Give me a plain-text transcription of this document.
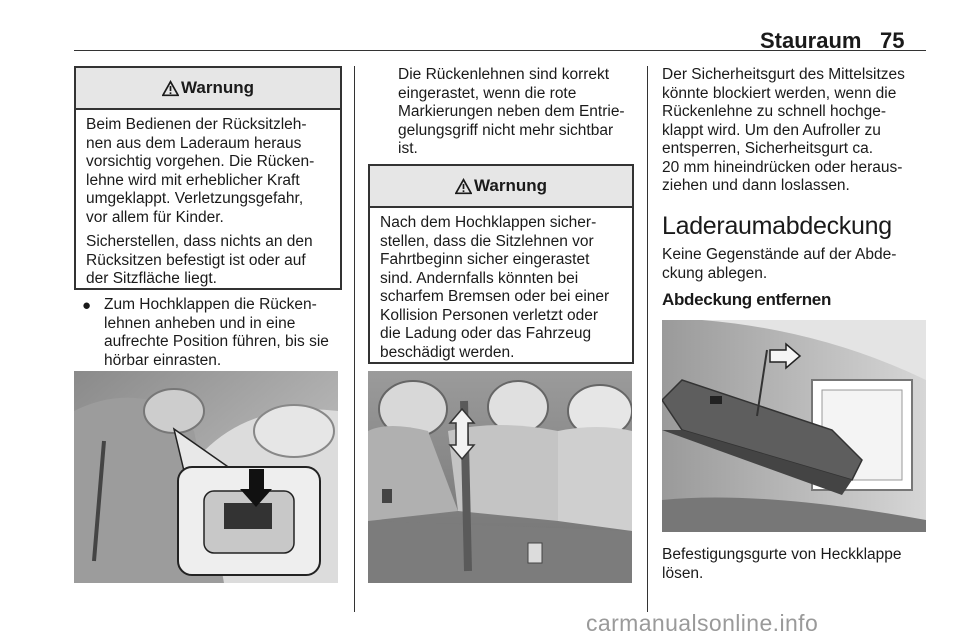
Stauraum 75
Warnung

Beim Bedienen der Rücksitzleh-
nen aus dem Laderaum heraus
vorsichtig vorgehen. Die Rücken-
lehne wird mit erheblicher Kraft
umgeklappt. Verletzungsgefahr,
vor allem für Kinder.

Sicherstellen, dass nichts an den
Rücksitzen befestigt ist oder auf
der Sitzfläche liegt.

● Zum Hochklappen die Rücken-
lehnen anheben und in eine
aufrechte Position führen, bis sie
hörbar einrasten.

Die Rückenlehnen sind korrekt
eingerastet, wenn die rote
Markierungen neben dem Entrie-
gelungsgriff nicht mehr sichtbar
ist.

Warnung

Nach dem Hochklappen sicher-
stellen, dass die Sitzlehnen vor
Fahrtbeginn sicher eingerastet
sind. Andernfalls könnten bei
scharfem Bremsen oder bei einer
Kollision Personen verletzt oder
die Ladung oder das Fahrzeug
beschädigt werden.

Der Sicherheitsgurt des Mittelsitzes
könnte blockiert werden, wenn die
Rückenlehne zu schnell hochge-
klappt wird. Um den Aufroller zu
entsperren, Sicherheitsgurt ca.
20 mm hineindrücken oder heraus-
ziehen und dann loslassen.

Laderaumabdeckung

Keine Gegenstände auf der Abde-
ckung ablegen.

Abdeckung entfernen

Befestigungsgurte von Heckklappe
lösen.

carmanualsonline.info
